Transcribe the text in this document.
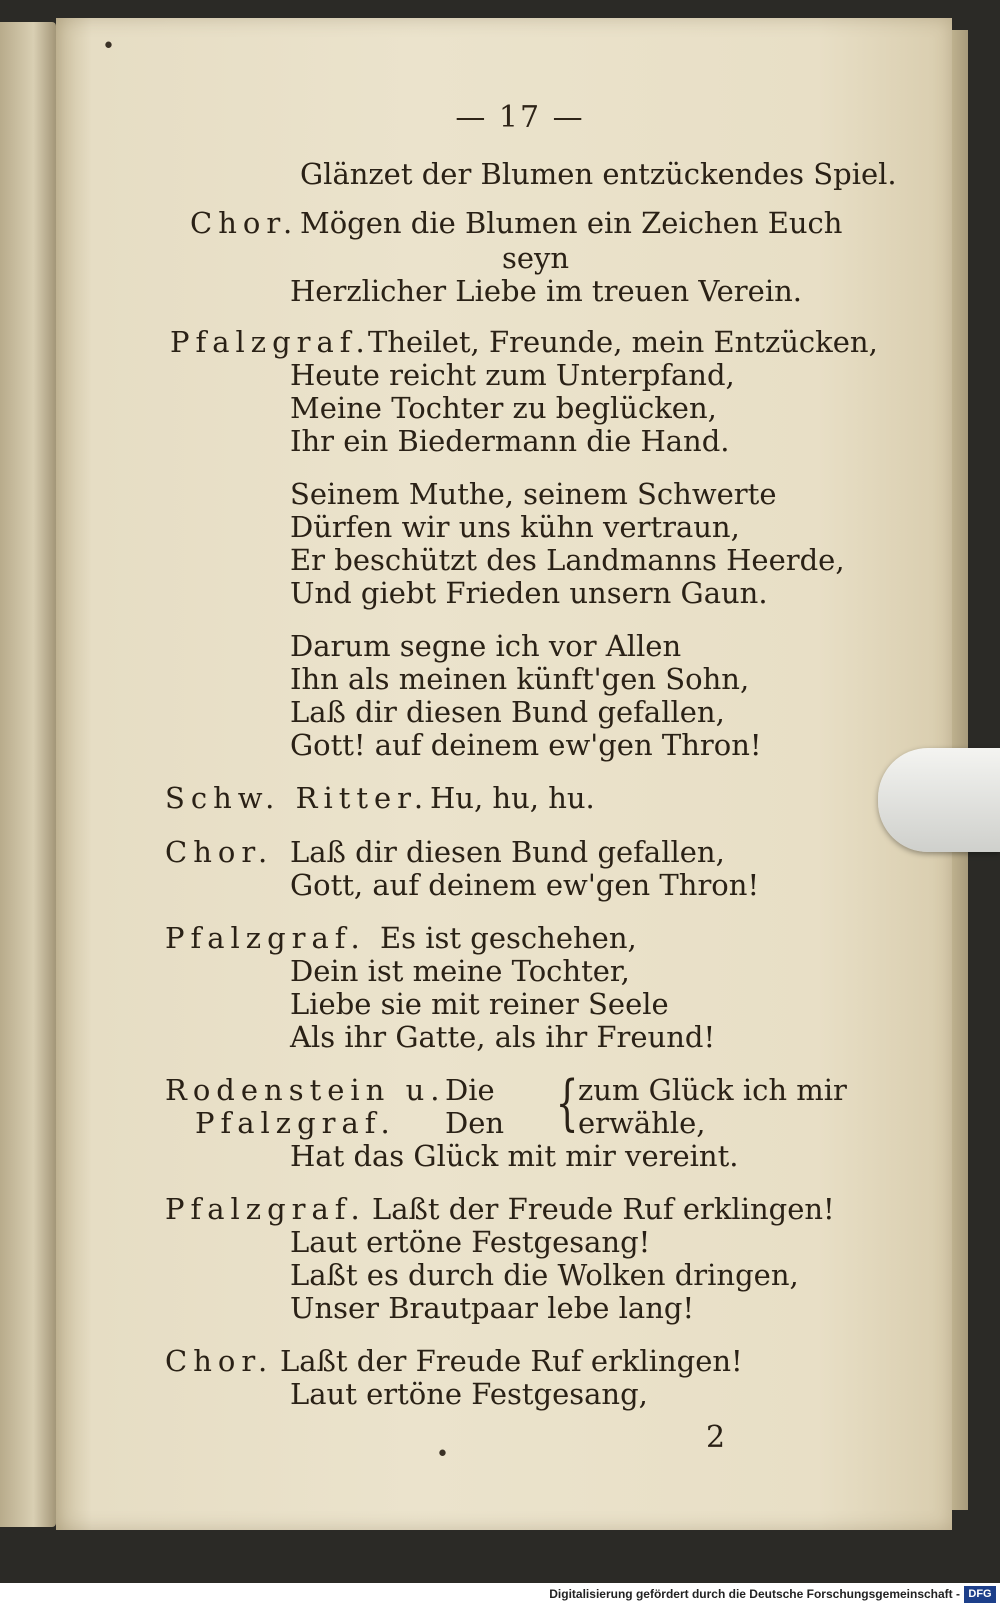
•
•
— 17 —
Glänzet der Blumen entzückendes Spiel.
Chor. Mögen die Blumen ein Zeichen Euch
seyn
Herzlicher Liebe im treuen Verein.
Pfalzgraf.
Theilet, Freunde, mein Entzücken,
Heute reicht zum Unterpfand,
Meine Tochter zu beglücken,
Ihr ein Biedermann die Hand.
Seinem Muthe, seinem Schwerte
Dürfen wir uns kühn vertraun,
Er beschützt des Landmanns Heerde,
Und giebt Frieden unsern Gaun.
Darum segne ich vor Allen
Ihn als meinen künft'gen Sohn,
Laß dir diesen Bund gefallen,
Gott! auf deinem ew'gen Thron!
Schw. Ritter. Hu, hu, hu.
Chor. Laß dir diesen Bund gefallen,
Gott, auf deinem ew'gen Thron!
Pfalzgraf. Es ist geschehen,
Dein ist meine Tochter,
Liebe sie mit reiner Seele
Als ihr Gatte, als ihr Freund!
Rodenstein u. Die	zum Glück ich mir
Pfalzgraf. Den	erwähle,
{
Hat das Glück mit mir vereint.
Pfalzgraf. Laßt der Freude Ruf erklingen!
Laut ertöne Festgesang!
Laßt es durch die Wolken dringen,
Unser Brautpaar lebe lang!
Chor. Laßt der Freude Ruf erklingen!
Laut ertöne Festgesang,
2
Digitalisierung gefördert durch die Deutsche Forschungsgemeinschaft - DFG
